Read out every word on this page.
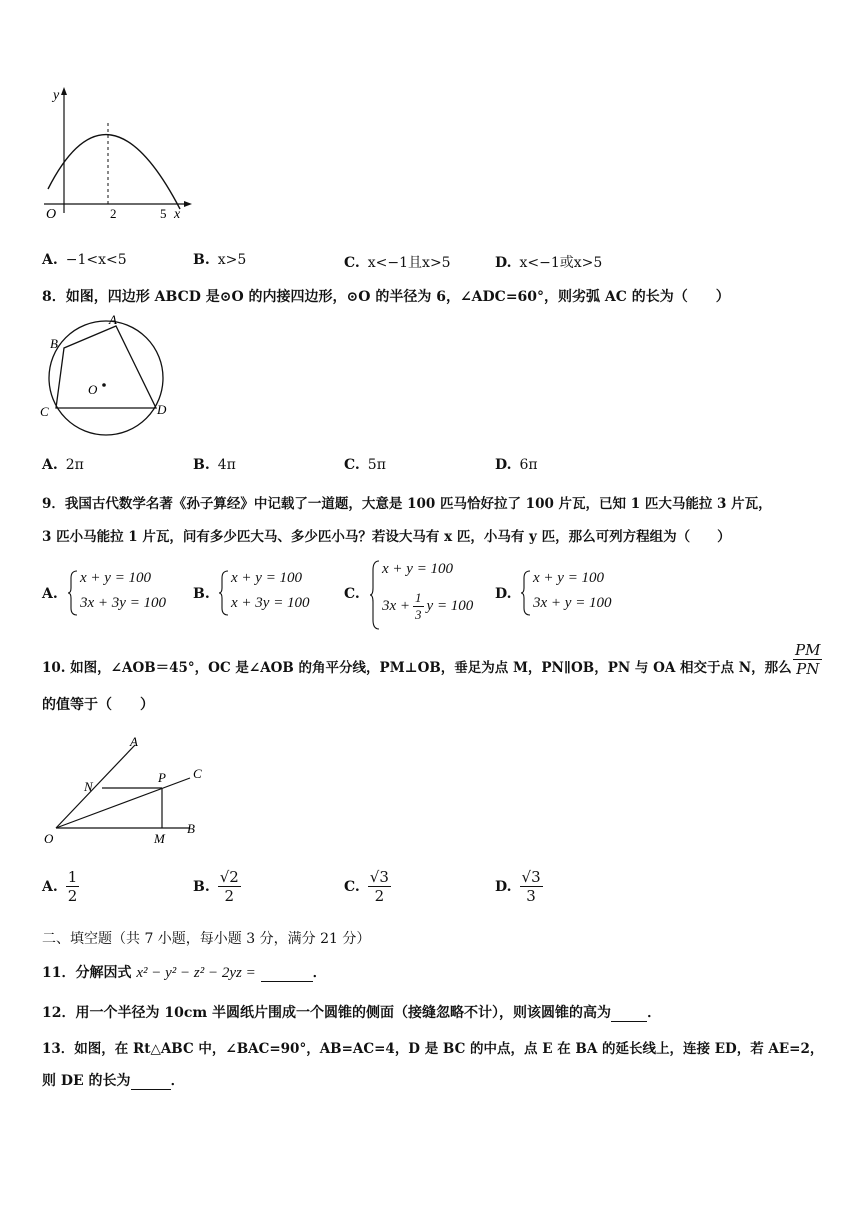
y
O	2	5 x
A. −1<x<5	B. x>5	C. x<−1且x>5	D. x<−1或x>5
8．如图，四边形 ABCD 是⊙O 的内接四边形，⊙O 的半径为 6，∠ADC=60°，则劣弧 AC 的长为（　　）
A
B
O
C	D
A. 2π	B. 4π	C. 5π	D. 6π
9．我国古代数学名著《孙子算经》中记载了一道题，大意是 100 匹马恰好拉了 100 片瓦，已知 1 匹大马能拉 3 片瓦，
3 匹小马能拉 1 片瓦，问有多少匹大马、多少匹小马？若设大马有 x 匹，小马有 y 匹，那么可列方程组为（　　）
A.
x + y = 100
3x + 3y = 100
B.
x + y = 100
x + 3y = 100
C.
x + y = 100
$3x + \frac{1}{3}$ y = 100
D.
x + y = 100
3x + y = 100
10. 如图，∠AOB＝45°，OC 是∠AOB 的角平分线，PM⊥OB，垂足为点 M，PN∥OB，PN 与 OA 相交于点 N，那么 $\frac{PM}{PN}$
的值等于（　　）
A
N
P C
O	M
B
A. $\frac{1}{2}$	B. $\frac{√2}{2}$	C. $\frac{√3}{2}$	D. $\frac{√3}{3}$
二、填空题（共 7 小题，每小题 3 分，满分 21 分）
11．分解因式 x² − y² − z² − 2yz =	．
12．用一个半径为 10cm 半圆纸片围成一个圆锥的侧面（接缝忽略不计），则该圆锥的高为	．
13．如图，在 Rt△ABC 中，∠BAC=90°，AB=AC=4，D 是 BC 的中点，点 E 在 BA 的延长线上，连接 ED，若 AE=2，
则 DE 的长为	．
